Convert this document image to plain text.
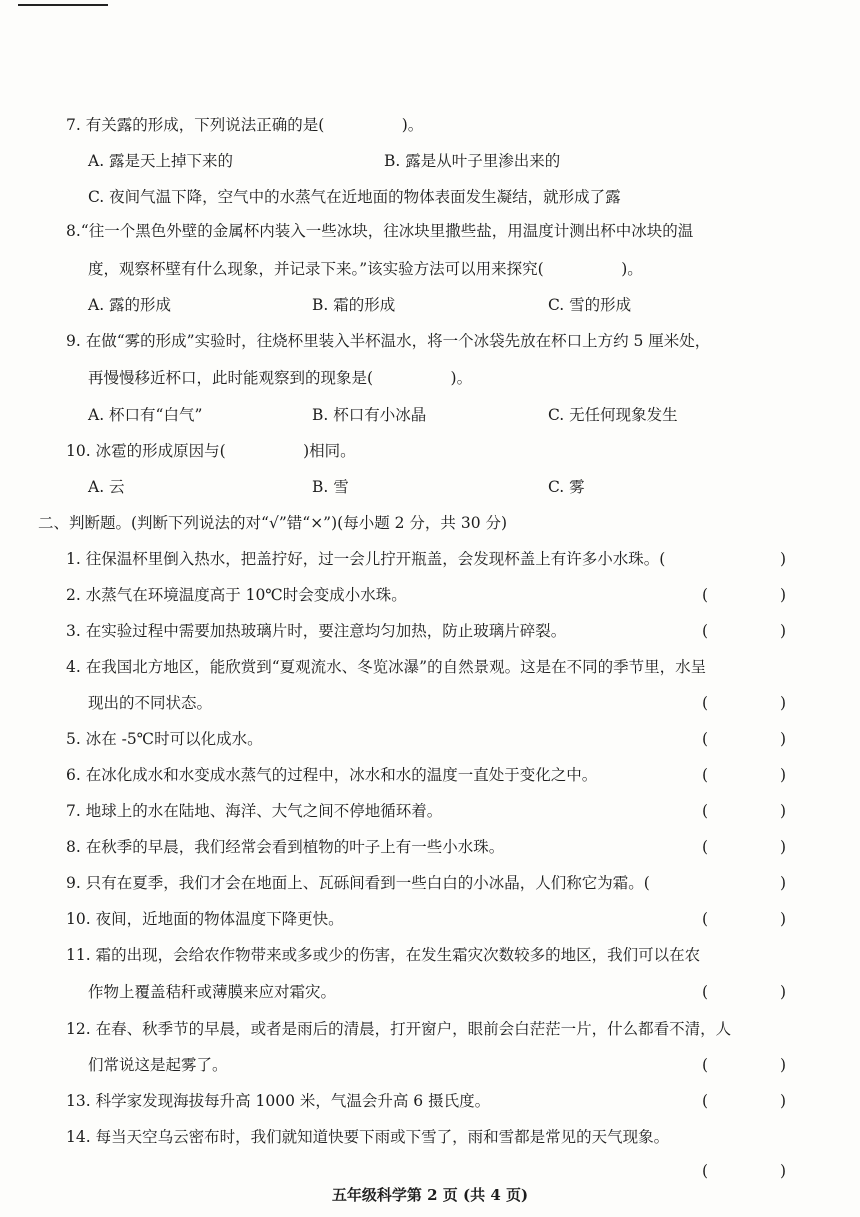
7. 有关露的形成，下列说法正确的是(　　　　　)。
A. 露是天上掉下来的	B. 露是从叶子里渗出来的
C. 夜间气温下降，空气中的水蒸气在近地面的物体表面发生凝结，就形成了露
8.“往一个黑色外壁的金属杯内装入一些冰块，往冰块里撒些盐，用温度计测出杯中冰块的温
度，观察杯壁有什么现象，并记录下来。”该实验方法可以用来探究(　　　　　)。
A. 露的形成	B. 霜的形成	C. 雪的形成
9. 在做“雾的形成”实验时，往烧杯里装入半杯温水，将一个冰袋先放在杯口上方约 5 厘米处，
再慢慢移近杯口，此时能观察到的现象是(　　　　　)。
A. 杯口有“白气”	B. 杯口有小冰晶	C. 无任何现象发生
10. 冰雹的形成原因与(　　　　　)相同。
A. 云	B. 雪	C. 雾
二、判断题。(判断下列说法的对“√”错“×”)(每小题 2 分，共 30 分)
1. 往保温杯里倒入热水，把盖拧好，过一会儿拧开瓶盖，会发现杯盖上有许多小水珠。(	)
2. 水蒸气在环境温度高于 10℃时会变成小水珠。	(	)
3. 在实验过程中需要加热玻璃片时，要注意均匀加热，防止玻璃片碎裂。	(	)
4. 在我国北方地区，能欣赏到“夏观流水、冬览冰瀑”的自然景观。这是在不同的季节里，水呈
现出的不同状态。	(	)
5. 冰在 -5℃时可以化成水。	(	)
6. 在冰化成水和水变成水蒸气的过程中，冰水和水的温度一直处于变化之中。	(	)
7. 地球上的水在陆地、海洋、大气之间不停地循环着。	(	)
8. 在秋季的早晨，我们经常会看到植物的叶子上有一些小水珠。	(	)
9. 只有在夏季，我们才会在地面上、瓦砾间看到一些白白的小冰晶，人们称它为霜。(	)
10. 夜间，近地面的物体温度下降更快。	(	)
11. 霜的出现，会给农作物带来或多或少的伤害，在发生霜灾次数较多的地区，我们可以在农
作物上覆盖秸秆或薄膜来应对霜灾。	(	)
12. 在春、秋季节的早晨，或者是雨后的清晨，打开窗户，眼前会白茫茫一片，什么都看不清，人
们常说这是起雾了。	(	)
13. 科学家发现海拔每升高 1000 米，气温会升高 6 摄氏度。	(	)
14. 每当天空乌云密布时，我们就知道快要下雨或下雪了，雨和雪都是常见的天气现象。
(	)
五年级科学第 2 页 (共 4 页)
